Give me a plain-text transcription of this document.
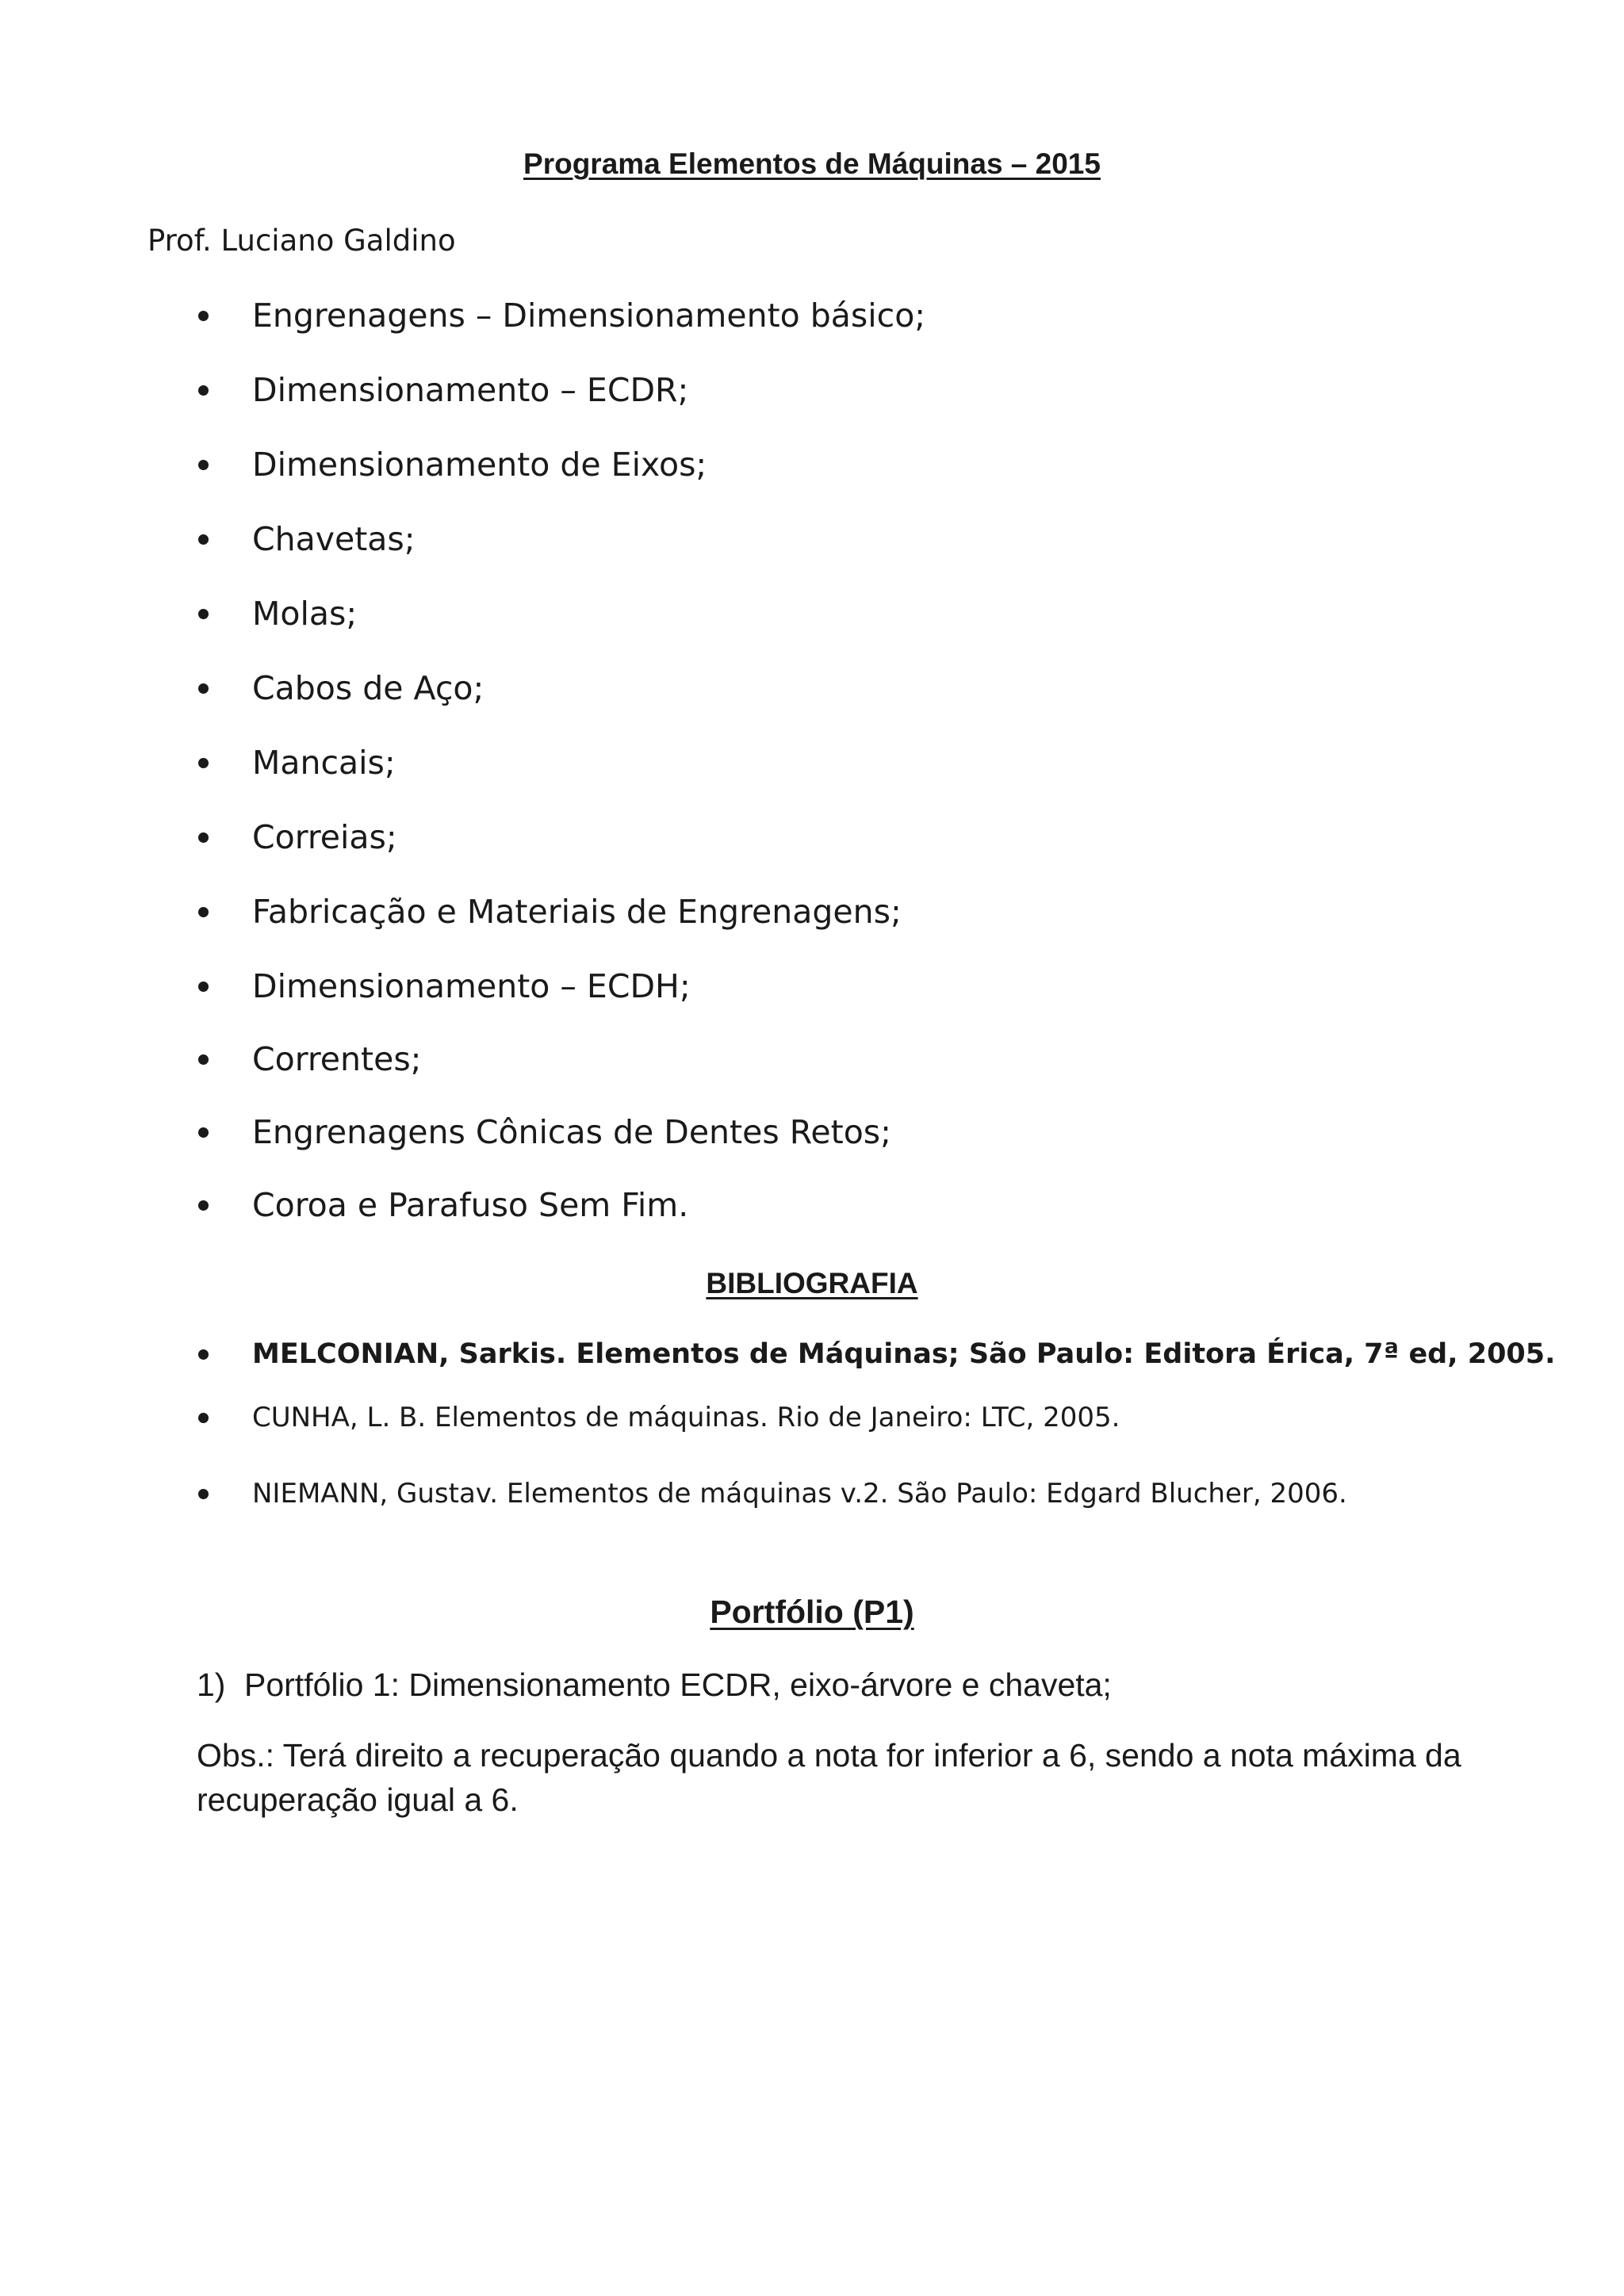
Programa Elementos de Máquinas – 2015
Prof. Luciano Galdino
Engrenagens – Dimensionamento básico;
Dimensionamento – ECDR;
Dimensionamento de Eixos;
Chavetas;
Molas;
Cabos de Aço;
Mancais;
Correias;
Fabricação e Materiais de Engrenagens;
Dimensionamento – ECDH;
Correntes;
Engrenagens Cônicas de Dentes Retos;
Coroa e Parafuso Sem Fim.
BIBLIOGRAFIA
MELCONIAN, Sarkis. Elementos de Máquinas; São Paulo: Editora Érica, 7ª ed, 2005.
CUNHA, L. B. Elementos de máquinas. Rio de Janeiro: LTC, 2005.
NIEMANN, Gustav. Elementos de máquinas v.2. São Paulo: Edgard Blucher, 2006.
Portfólio (P1)
1) Portfólio 1: Dimensionamento ECDR, eixo-árvore e chaveta;
Obs.: Terá direito a recuperação quando a nota for inferior a 6, sendo a nota máxima da recuperação igual a 6.
